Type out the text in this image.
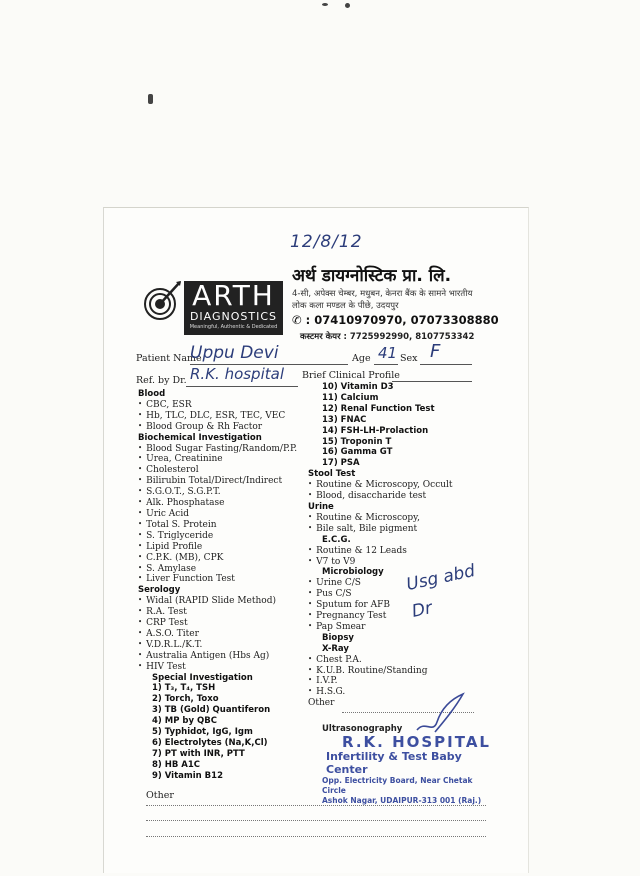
12/8/12
ARTH
DIAGNOSTICS
Meaningful, Authentic & Dedicated
अर्थ डायग्नोस्टिक प्रा. लि.
4-सी, अपेक्स चेम्बर, मधुबन, केनरा बैंक के सामने भारतीय लोक कला मण्डल के पीछे, उदयपुर
✆ : 07410970970, 07073308880
कस्टमर केयर : 7725992990, 8107753342
Patient Name
Uppu Devi	Age 41 Sex F
Ref. by Dr. R.K. hospital Brief Clinical Profile
Blood
• CBC, ESR
• Hb, TLC, DLC, ESR, TEC, VEC
• Blood Group & Rh Factor
Biochemical Investigation
• Blood Sugar Fasting/Random/P.P.
• Urea, Creatinine
• Cholesterol
• Bilirubin Total/Direct/Indirect
• S.G.O.T., S.G.P.T.
• Alk. Phosphatase
• Uric Acid
• Total S. Protein
• S. Triglyceride
• Lipid Profile
• C.P.K. (MB), CPK
• S. Amylase
• Liver Function Test
Serology
• Widal (RAPID Slide Method)
• R.A. Test
• CRP Test
• A.S.O. Titer
• V.D.R.L./K.T.
• Australia Antigen (Hbs Ag)
• HIV Test
Special Investigation
1) T₃, T₄, TSH
2) Torch, Toxo
3) TB (Gold) Quantiferon
4) MP by QBC
5) Typhidot, IgG, Igm
6) Electrolytes (Na,K,Cl)
7) PT with INR, PTT
8) HB A1C
9) Vitamin B12
10) Vitamin D3
11) Calcium
12) Renal Function Test
13) FNAC
14) FSH-LH-Prolaction
15) Troponin T
16) Gamma GT
17) PSA
Stool Test
• Routine & Microscopy, Occult
• Blood, disaccharide test
Urine
• Routine & Microscopy,
• Bile salt, Bile pigment
E.C.G.
• Routine & 12 Leads
• V7 to V9
Microbiology
• Urine C/S
• Pus C/S
• Sputum for AFB
• Pregnancy Test
• Pap Smear
Biopsy
X-Ray
• Chest P.A.
• K.U.B. Routine/Standing
• I.V.P.
• H.S.G.
Other
Ultrasonography
Other
Usg abd
Dr
R.K. HOSPITAL
Infertility & Test Baby Center
Opp. Electricity Board, Near Chetak Circle
Ashok Nagar, UDAIPUR-313 001 (Raj.)
